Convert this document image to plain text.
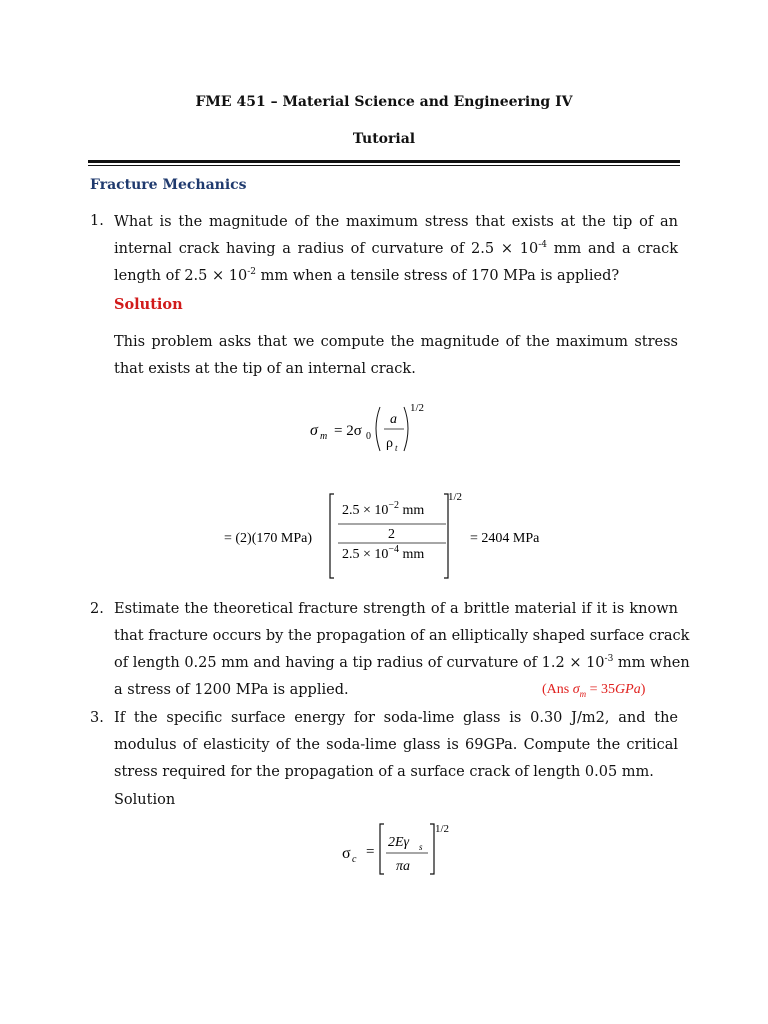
FME 451 – Material Science and Engineering IV
Tutorial
Fracture Mechanics
1. What is the magnitude of the maximum stress that exists at the tip of an
internal crack having a radius of curvature of $2.5 \times 10^{-4}$ mm and a crack
length of $2.5 \times 10^{-2}$ mm when a tensile stress of 170 MPa is applied?
Solution
This problem asks that we compute the magnitude of the maximum stress
that exists at the tip of an internal crack.
σ m = 2σ 0
a
ρ t
1/2
= (2)(170 MPa)
$2.5 \times 10^{-2}$ mm
2
$2.5 \times 10^{-4}$ mm
1/2
= 2404 MPa
2. Estimate the theoretical fracture strength of a brittle material if it is known
that fracture occurs by the propagation of an elliptically shaped surface crack
of length 0.25 mm and having a tip radius of curvature of $1.2 \times 10^{-3}$ mm when
a stress of 1200 MPa is applied.	(Ans $\sigma_m = 35GPa$)
3. If the specific surface energy for soda-lime glass is 0.30 J/m2, and the
modulus of elasticity of the soda-lime glass is 69GPa. Compute the critical
stress required for the propagation of a surface crack of length 0.05 mm.
Solution
σ c =
2Eγ s
πa
1/2
